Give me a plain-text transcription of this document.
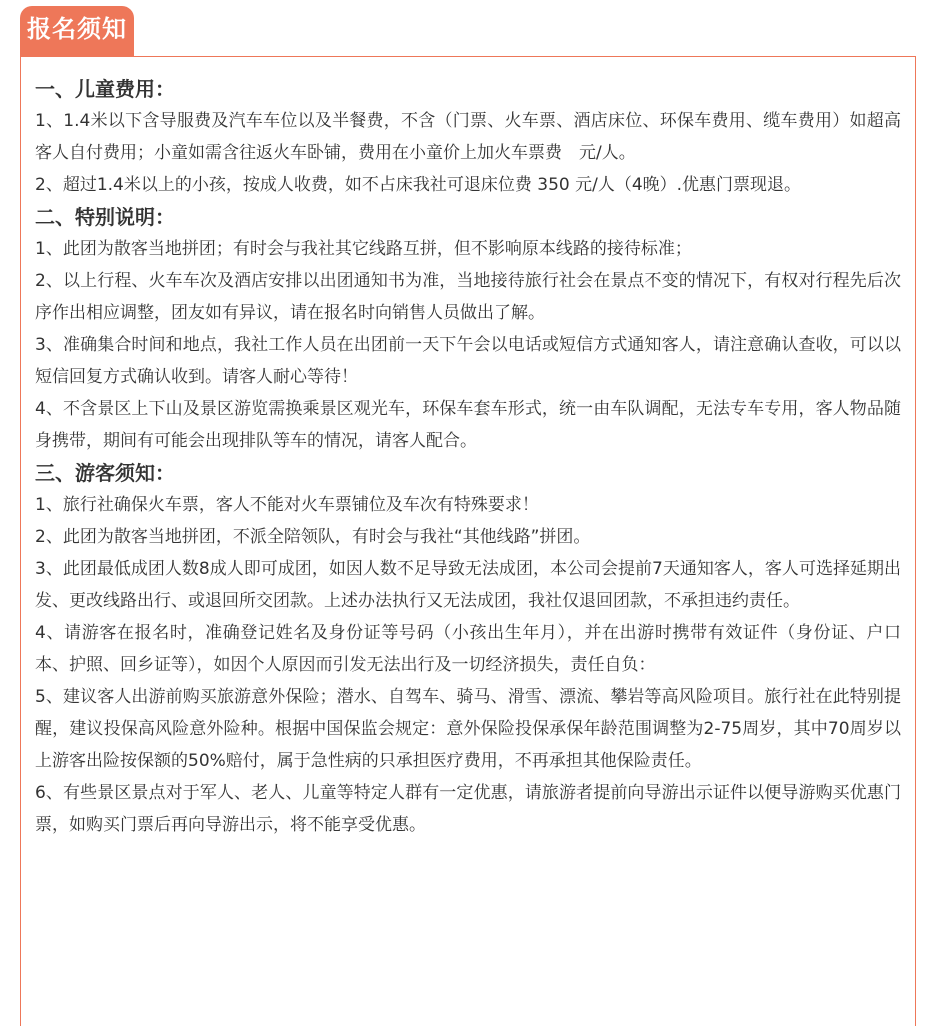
报名须知
一、儿童费用：

1、1.4米以下含导服费及汽车车位以及半餐费，不含（门票、火车票、酒店床位、环保车费用、缆车费用）如超高客人自付费用；小童如需含往返火车卧铺，费用在小童价上加火车票费　元/人。

2、超过1.4米以上的小孩，按成人收费，如不占床我社可退床位费 350 元/人（4晚）.优惠门票现退。

二、特别说明：

1、此团为散客当地拼团；有时会与我社其它线路互拼，但不影响原本线路的接待标准；

2、以上行程、火车车次及酒店安排以出团通知书为准，当地接待旅行社会在景点不变的情况下，有权对行程先后次序作出相应调整，团友如有异议，请在报名时向销售人员做出了解。

3、准确集合时间和地点，我社工作人员在出团前一天下午会以电话或短信方式通知客人，请注意确认查收，可以以短信回复方式确认收到。请客人耐心等待！

4、不含景区上下山及景区游览需换乘景区观光车，环保车套车形式，统一由车队调配，无法专车专用，客人物品随身携带，期间有可能会出现排队等车的情况，请客人配合。

三、游客须知：

1、旅行社确保火车票，客人不能对火车票铺位及车次有特殊要求！

2、此团为散客当地拼团，不派全陪领队，有时会与我社“其他线路”拼团。

3、此团最低成团人数8成人即可成团，如因人数不足导致无法成团，本公司会提前7天通知客人，客人可选择延期出发、更改线路出行、或退回所交团款。上述办法执行又无法成团，我社仅退回团款，不承担违约责任。

4、请游客在报名时，准确登记姓名及身份证等号码（小孩出生年月），并在出游时携带有效证件（身份证、户口本、护照、回乡证等），如因个人原因而引发无法出行及一切经济损失，责任自负：

5、建议客人出游前购买旅游意外保险；潜水、自驾车、骑马、滑雪、漂流、攀岩等高风险项目。旅行社在此特别提醒，建议投保高风险意外险种。根据中国保监会规定：意外保险投保承保年龄范围调整为2-75周岁，其中70周岁以上游客出险按保额的50%赔付，属于急性病的只承担医疗费用，不再承担其他保险责任。

6、有些景区景点对于军人、老人、儿童等特定人群有一定优惠，请旅游者提前向导游出示证件以便导游购买优惠门票，如购买门票后再向导游出示，将不能享受优惠。
